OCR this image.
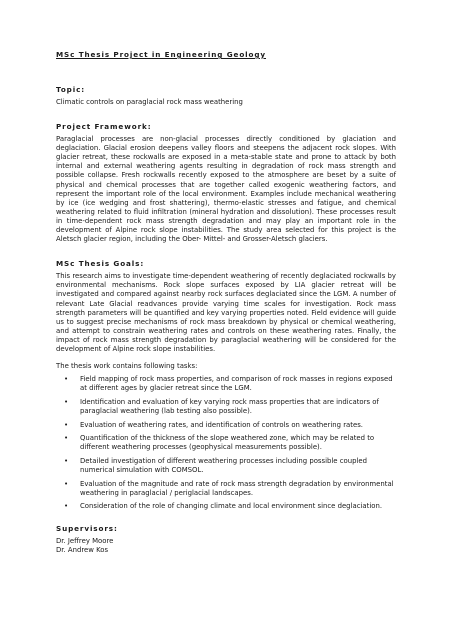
MSc Thesis Project in Engineering Geology
Topic:

Climatic controls on paraglacial rock mass weathering

Project Framework:

Paraglacial processes are non-glacial processes directly conditioned by glaciation and deglaciation. Glacial erosion deepens valley floors and steepens the adjacent rock slopes. With glacier retreat, these rockwalls are exposed in a meta-stable state and prone to attack by both internal and external weathering agents resulting in degradation of rock mass strength and possible collapse. Fresh rockwalls recently exposed to the atmosphere are beset by a suite of physical and chemical processes that are together called exogenic weathering factors, and represent the important role of the local environment. Examples include mechanical weathering by ice (ice wedging and frost shattering), thermo-elastic stresses and fatigue, and chemical weathering related to fluid infiltration (mineral hydration and dissolution). These processes result in time-dependent rock mass strength degradation and may play an important role in the development of Alpine rock slope instabilities. The study area selected for this project is the Aletsch glacier region, including the Ober- Mittel- and Grosser-Aletsch glaciers.

MSc Thesis Goals:

This research aims to investigate time-dependent weathering of recently deglaciated rockwalls by environmental mechanisms. Rock slope surfaces exposed by LIA glacier retreat will be investigated and compared against nearby rock surfaces deglaciated since the LGM. A number of relevant Late Glacial readvances provide varying time scales for investigation. Rock mass strength parameters will be quantified and key varying properties noted. Field evidence will guide us to suggest precise mechanisms of rock mass breakdown by physical or chemical weathering, and attempt to constrain weathering rates and controls on these weathering rates. Finally, the impact of rock mass strength degradation by paraglacial weathering will be considered for the development of Alpine rock slope instabilities.

The thesis work contains following tasks:

• Field mapping of rock mass properties, and comparison of rock masses in regions exposed at different ages by glacier retreat since the LGM.
• Identification and evaluation of key varying rock mass properties that are indicators of paraglacial weathering (lab testing also possible).
• Evaluation of weathering rates, and identification of controls on weathering rates.
• Quantification of the thickness of the slope weathered zone, which may be related to different weathering processes (geophysical measurements possible).
• Detailed investigation of different weathering processes including possible coupled numerical simulation with COMSOL.
• Evaluation of the magnitude and rate of rock mass strength degradation by environmental weathering in paraglacial / periglacial landscapes.
• Consideration of the role of changing climate and local environment since deglaciation.
Supervisors:

Dr. Jeffrey Moore

Dr. Andrew Kos
